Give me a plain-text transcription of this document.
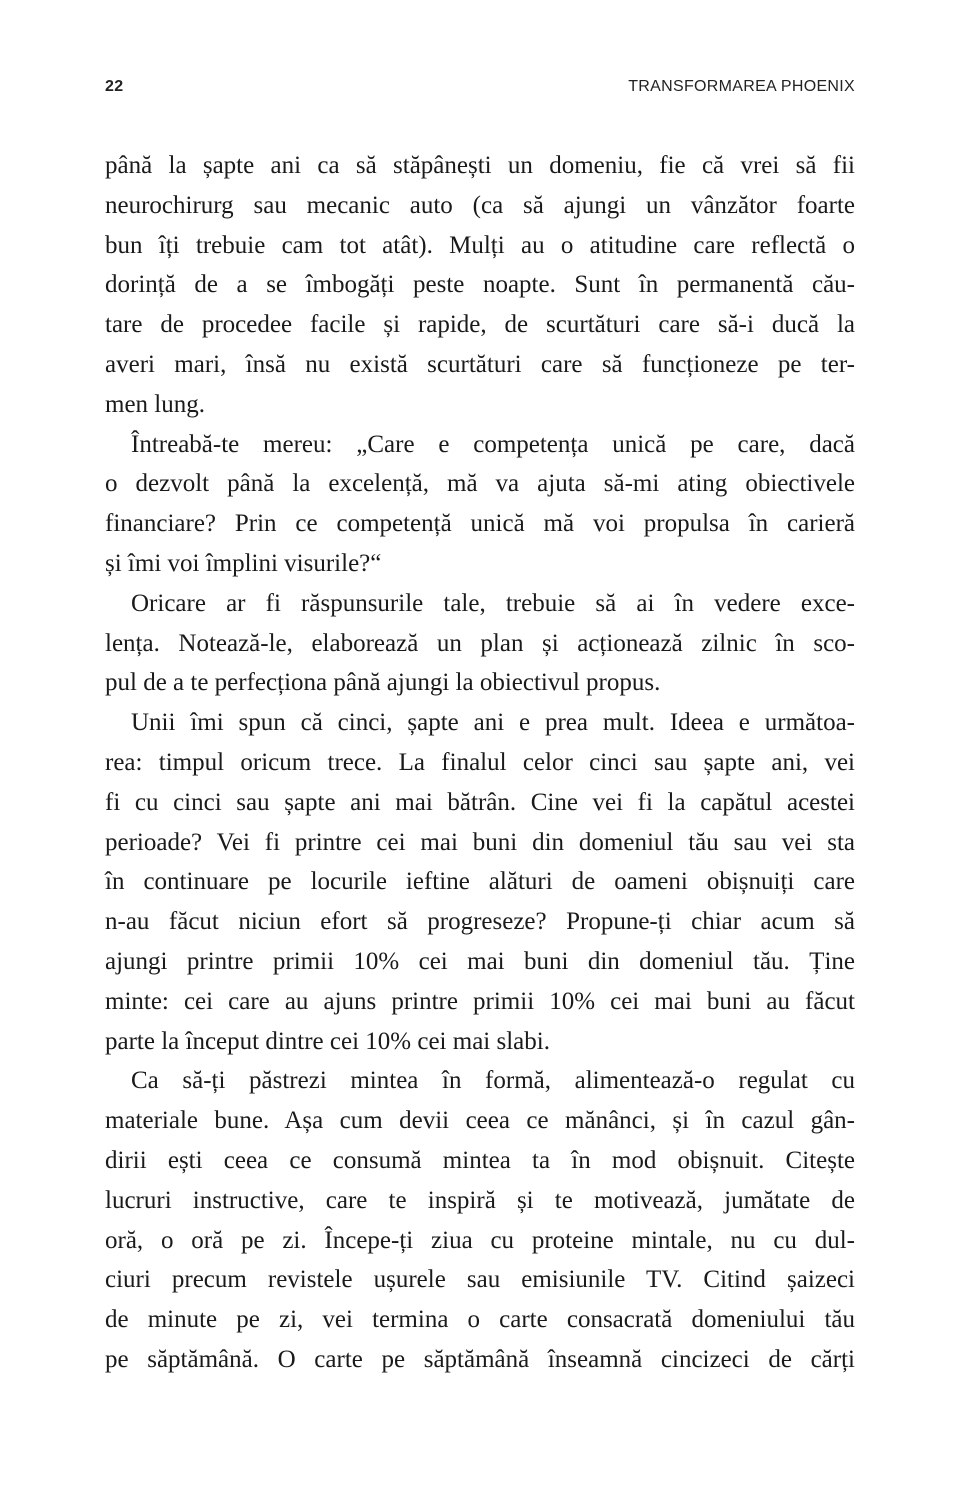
22	TRANSFORMAREA PHOENIX
până la șapte ani ca să stăpânești un domeniu, fie că vrei să fii
neurochirurg sau mecanic auto (ca să ajungi un vânzător foarte
bun îți trebuie cam tot atât). Mulți au o atitudine care reflectă o
dorință de a se îmbogăți peste noapte. Sunt în permanentă cău-
tare de procedee facile și rapide, de scurtături care să-i ducă la
averi mari, însă nu există scurtături care să funcționeze pe ter-
men lung.
Întreabă-te mereu: „Care e competența unică pe care, dacă
o dezvolt până la excelență, mă va ajuta să-mi ating obiectivele
financiare? Prin ce competență unică mă voi propulsa în carieră
și îmi voi împlini visurile?“
Oricare ar fi răspunsurile tale, trebuie să ai în vedere exce-
lența. Notează-le, elaborează un plan și acționează zilnic în sco-
pul de a te perfecționa până ajungi la obiectivul propus.
Unii îmi spun că cinci, șapte ani e prea mult. Ideea e următoa-
rea: timpul oricum trece. La finalul celor cinci sau șapte ani, vei
fi cu cinci sau șapte ani mai bătrân. Cine vei fi la capătul acestei
perioade? Vei fi printre cei mai buni din domeniul tău sau vei sta
în continuare pe locurile ieftine alături de oameni obișnuiți care
n-au făcut niciun efort să progreseze? Propune-ți chiar acum să
ajungi printre primii 10% cei mai buni din domeniul tău. Ține
minte: cei care au ajuns printre primii 10% cei mai buni au făcut
parte la început dintre cei 10% cei mai slabi.
Ca să-ți păstrezi mintea în formă, alimentează-o regulat cu
materiale bune. Așa cum devii ceea ce mănânci, și în cazul gân-
dirii ești ceea ce consumă mintea ta în mod obișnuit. Citește
lucruri instructive, care te inspiră și te motivează, jumătate de
oră, o oră pe zi. Începe-ți ziua cu proteine mintale, nu cu dul-
ciuri precum revistele ușurele sau emisiunile TV. Citind șaizeci
de minute pe zi, vei termina o carte consacrată domeniului tău
pe săptămână. O carte pe săptămână înseamnă cincizeci de cărți
